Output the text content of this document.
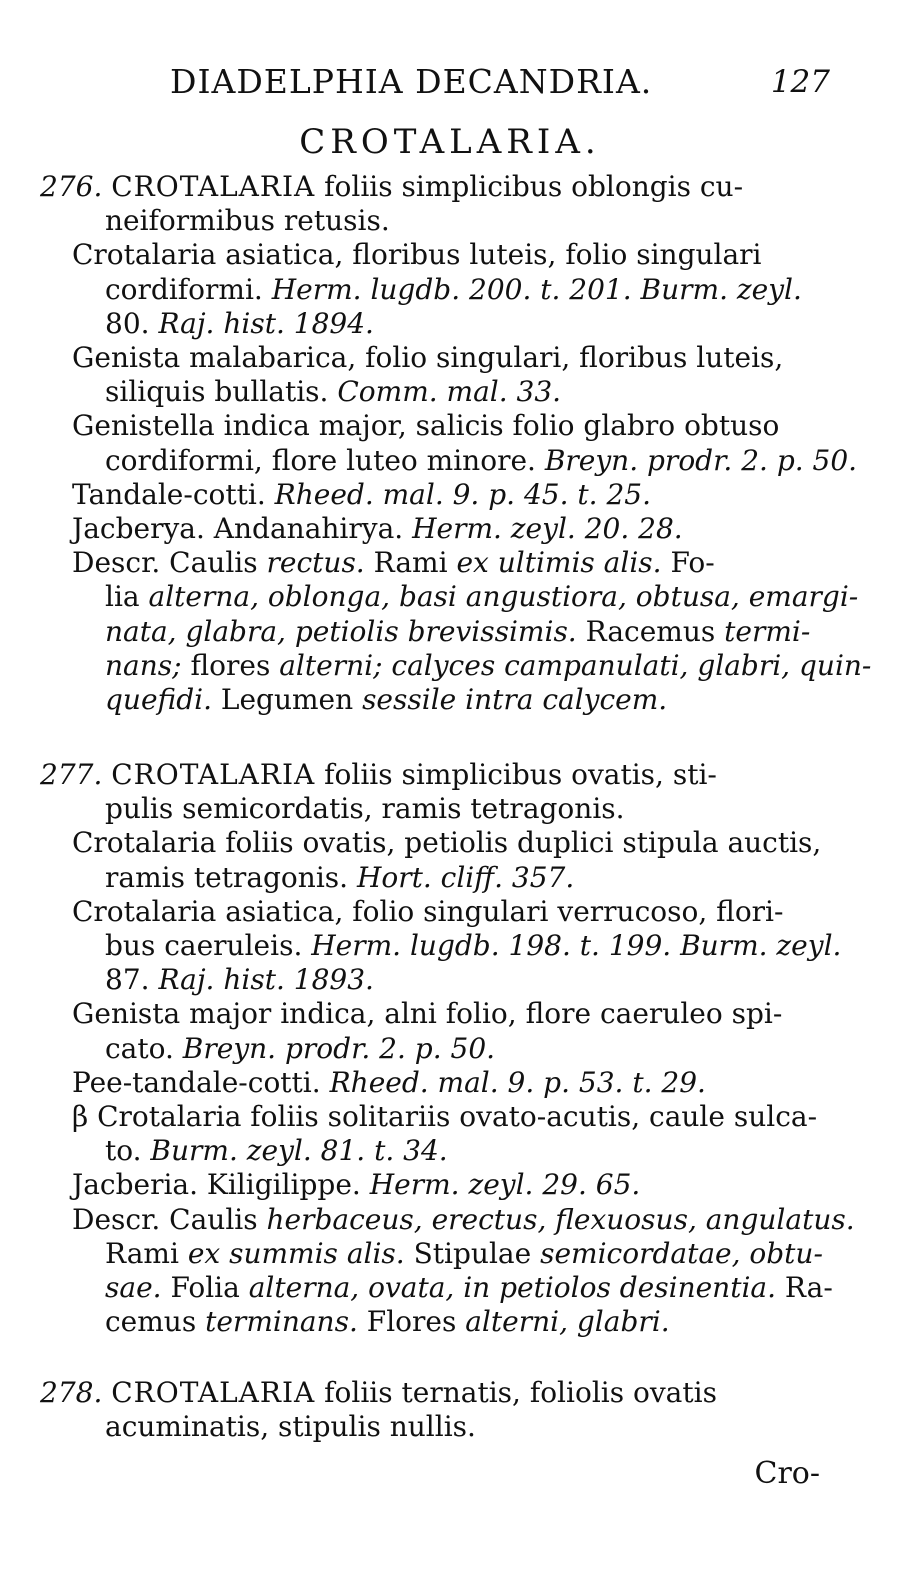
DIADELPHIA DECANDRIA.	127
CROTALARIA.
276. CROTALARIA foliis simplicibus oblongis cu-
neiformibus retusis.
Crotalaria asiatica, floribus luteis, folio singulari
cordiformi. Herm. lugdb. 200. t. 201. Burm. zeyl.
80. Raj. hist. 1894.
Genista malabarica, folio singulari, floribus luteis,
siliquis bullatis. Comm. mal. 33.
Genistella indica major, salicis folio glabro obtuso
cordiformi, flore luteo minore. Breyn. prodr. 2. p. 50.
Tandale-cotti. Rheed. mal. 9. p. 45. t. 25.
Jacberya. Andanahirya. Herm. zeyl. 20. 28.
Descr. Caulis rectus. Rami ex ultimis alis. Fo-
lia alterna, oblonga, basi angustiora, obtusa, emargi-
nata, glabra, petiolis brevissimis. Racemus termi-
nans; flores alterni; calyces campanulati, glabri, quin-
quefidi. Legumen sessile intra calycem.
277. CROTALARIA foliis simplicibus ovatis, sti-
pulis semicordatis, ramis tetragonis.
Crotalaria foliis ovatis, petiolis duplici stipula auctis,
ramis tetragonis. Hort. cliff. 357.
Crotalaria asiatica, folio singulari verrucoso, flori-
bus caeruleis. Herm. lugdb. 198. t. 199. Burm. zeyl.
87. Raj. hist. 1893.
Genista major indica, alni folio, flore caeruleo spi-
cato. Breyn. prodr. 2. p. 50.
Pee-tandale-cotti. Rheed. mal. 9. p. 53. t. 29.
β Crotalaria foliis solitariis ovato-acutis, caule sulca-
to. Burm. zeyl. 81. t. 34.
Jacberia. Kiligilippe. Herm. zeyl. 29. 65.
Descr. Caulis herbaceus, erectus, flexuosus, angulatus.
Rami ex summis alis. Stipulae semicordatae, obtu-
sae. Folia alterna, ovata, in petiolos desinentia. Ra-
cemus terminans. Flores alterni, glabri.
278. CROTALARIA foliis ternatis, foliolis ovatis
acuminatis, stipulis nullis.
Cro-
